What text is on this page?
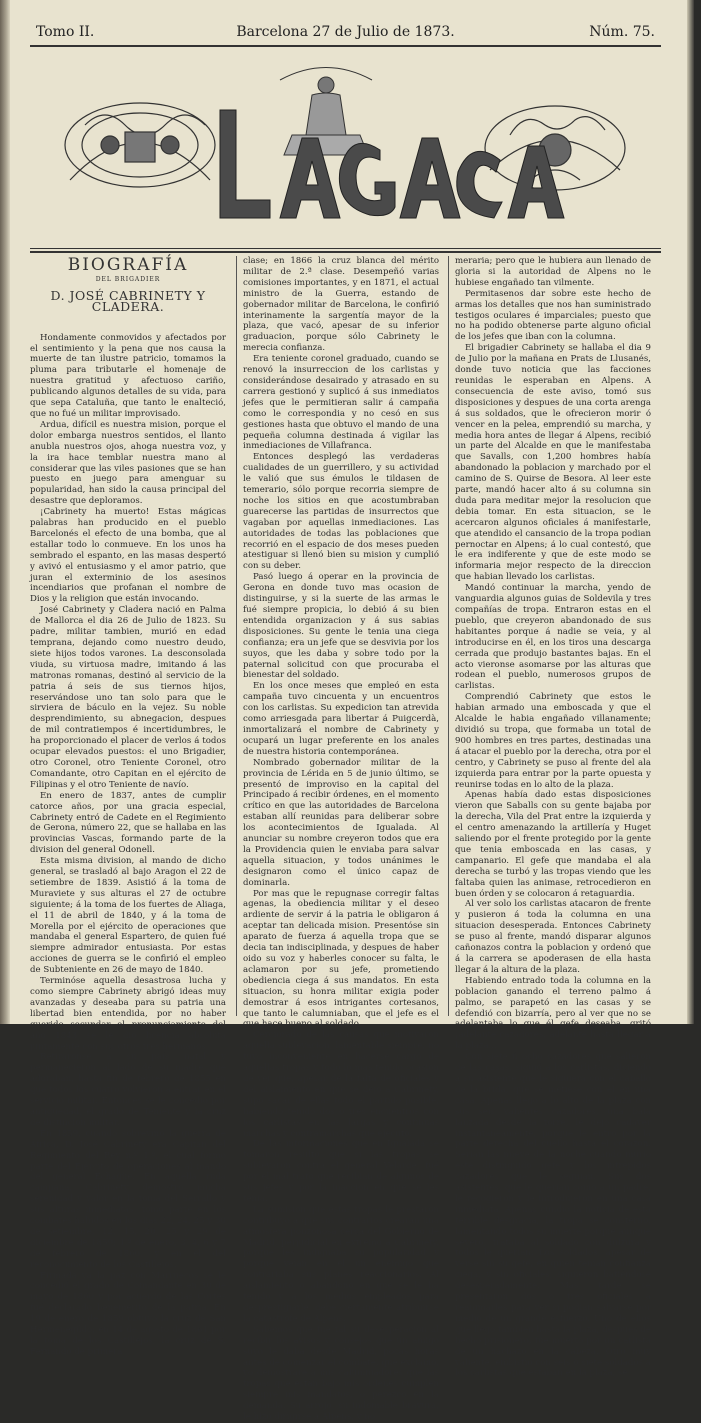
Tomo II.	Barcelona 27 de Julio de 1873.	Núm. 75.

BIOGRAFÍA

DEL BRIGADIER

D. JOSÉ CABRINETY Y CLADERA.

Hondamente conmovidos y afectados por el sentimiento y la pena que nos causa la muerte de tan ilustre patricio, tomamos la pluma para tributarle el homenaje de nuestra gratitud y afectuoso cariño, publicando algunos detalles de su vida, para que sepa Cataluña, que tanto le enalteció, que no fué un militar improvisado.

Ardua, difícil es nuestra mision, porque el dolor embarga nuestros sentidos, el llanto anubla nuestros ojos, ahoga nuestra voz, y la ira hace temblar nuestra mano al considerar que las viles pasiones que se han puesto en juego para amenguar su popularidad, han sido la causa principal del desastre que deploramos.

¡Cabrinety ha muerto! Estas mágicas palabras han producido en el pueblo Barcelonés el efecto de una bomba, que al estallar todo lo conmueve. En los unos ha sembrado el espanto, en las masas despertó y avivó el entusiasmo y el amor patrio, que juran el exterminio de los asesinos incendiarios que profanan el nombre de Dios y la religion que están invocando.

José Cabrinety y Cladera nació en Palma de Mallorca el dia 26 de Julio de 1823. Su padre, militar tambien, murió en edad temprana, dejando como nuestro deudo, siete hijos todos varones. La desconsolada viuda, su virtuosa madre, imitando á las matronas romanas, destinó al servicio de la patria á seis de sus tiernos hijos, reservándose uno tan solo para que le sirviera de báculo en la vejez. Su noble desprendimiento, su abnegacion, despues de mil contratiempos é incertidumbres, le ha proporcionado el placer de verlos á todos ocupar elevados puestos: el uno Brigadier, otro Coronel, otro Teniente Coronel, otro Comandante, otro Capitan en el ejército de Filipinas y el otro Teniente de navío.

En enero de 1837, antes de cumplir catorce años, por una gracia especial, Cabrinety entró de Cadete en el Regimiento de Gerona, número 22, que se hallaba en las provincias Vascas, formando parte de la division del general Odonell.

Esta misma division, al mando de dicho general, se trasladó al bajo Aragon el 22 de setiembre de 1839. Asistió á la toma de Muraviete y sus alturas el 27 de octubre siguiente; á la toma de los fuertes de Aliaga, el 11 de abril de 1840, y á la toma de Morella por el ejército de operaciones que mandaba el general Espartero, de quien fué siempre admirador entusiasta. Por estas acciones de guerra se le confirió el empleo de Subteniente en 26 de mayo de 1840.

Terminóse aquella desastrosa lucha y como siempre Cabrinety abrigó ideas muy avanzadas y deseaba para su patria una libertad bien entendida, por no haber querido secundar el pronunciamiento del año 1843 se le dió licencia absoluta juntamente con sus otros tres hermanos.

Retiráronse á su país natal y permanecieron al lado de su madre que adoraban, hasta fin de febrero de 1855 en que todos los cuatro volvieron á entrar en el servicio militar. Entonces se le concedió por antigüedad, el grado de Teniente y la cruz de distincion militar.

En 1859, cuando sobrevino la guerra de África, D. José Cabrinety era Capitan del Regimiento del Rey n.º 1.º, el cual formó parte del Ejército de operaciones al mando del general Echagüe. En aquella ruda campaña, Cabrinety demostró mucha serenidad y valor en la toma del Serrallo y sus alturas inmediatas: tomó parte en los combates habidos en los dias 22, 24, 25 y 30 de setiembre, 12, 15, 20, 25 y 29 de diciembre de 1859; 1.º de enero, 3, 4, 6 y 7 de febrero de 1860, y en el del reconocimiento de los Castillejos.

Firmada ya la paz con Marruecos se le concedió el grado de Comandante en 30 de mayo de 1860 y por acuerdo de las Córtes fué declarado benemérito de la patria. En 19 de enero de 1859 obtuvo la cruz de San Hermenegildo; en 14 de agosto de 1861 por la toma de los Castillejos, la cruz de S. Fernando de primera

clase; en 1866 la cruz blanca del mérito militar de 2.ª clase. Desempeñó varias comisiones importantes, y en 1871, el actual ministro de la Guerra, estando de gobernador militar de Barcelona, le confirió interinamente la sargentía mayor de la plaza, que vacó, apesar de su inferior graduacion, porque sólo Cabrinety le merecia confianza.

Era teniente coronel graduado, cuando se renovó la insurreccion de los carlistas y considerándose desairado y atrasado en su carrera gestionó y suplicó á sus inmediatos jefes que le permitieran salir á campaña como le correspondia y no cesó en sus gestiones hasta que obtuvo el mando de una pequeña columna destinada á vigilar las inmediaciones de Villafranca.

Entonces desplegó las verdaderas cualidades de un guerrillero, y su actividad le valió que sus émulos le tildasen de temerario, sólo porque recorria siempre de noche los sitios en que acostumbraban guarecerse las partidas de insurrectos que vagaban por aquellas inmediaciones. Las autoridades de todas las poblaciones que recorrió en el espacio de dos meses pueden atestiguar si llenó bien su mision y cumplió con su deber.

Pasó luego á operar en la provincia de Gerona en donde tuvo mas ocasion de distinguirse, y si la suerte de las armas le fué siempre propicia, lo debió á su bien entendida organizacion y á sus sabias disposiciones. Su gente le tenia una ciega confianza; era un jefe que se desvivia por los suyos, que les daba y sobre todo por la paternal solicitud con que procuraba el bienestar del soldado.

En los once meses que empleó en esta campaña tuvo cincuenta y un encuentros con los carlistas. Su expedicion tan atrevida como arriesgada para libertar á Puigcerdà, inmortalizará el nombre de Cabrinety y ocupará un lugar preferente en los anales de nuestra historia contemporánea.

Nombrado gobernador militar de la provincia de Lérida en 5 de junio último, se presentó de improviso en la capital del Principado á recibir órdenes, en el momento crítico en que las autoridades de Barcelona estaban allí reunidas para deliberar sobre los acontecimientos de Igualada. Al anunciar su nombre creyeron todos que era la Providencia quien le enviaba para salvar aquella situacion, y todos unánimes le designaron como el único capaz de dominarla.

Por mas que le repugnase corregir faltas agenas, la obediencia militar y el deseo ardiente de servir á la patria le obligaron á aceptar tan delicada mision. Presentóse sin aparato de fuerza á aquella tropa que se decia tan indisciplinada, y despues de haber oido su voz y haberles conocer su falta, le aclamaron por su jefe, prometiendo obediencia ciega á sus mandatos. En esta situacion, su honra militar exigia poder demostrar á esos intrigantes cortesanos, que tanto le calumniaban, que el jefe es el que hace bueno al soldado.

Cerciorado de las causas que motivaron aquella sublevacion, lamentable siempre, no tuvo inconveniente en hacerse cargo de aquellas tropas y todo lo mas tenido ocasion de ver que, apesar de la falta de oficiales y del aislamiento en que se dejó á Cabrinety, supo sacar de ellas todo el partido posible, habiendo tenido dos ó tres encuentros con los carlistas en las largas y continuas marchas y contramarchas que ejecutó.

De las informaciones que en Igualada se tomaron resultó que si las tropas se sublevaron contra el general Velarde, fué por el mal trato que recibian de algunos de sus jefes y por la inaccion en que se les tenia.

La sumision que estas tropas le prestaron contribuyó á que sus contrarios crearan una atmósfera ponzoñosa cerca del Gobierno de Madrid, perjudicial en extremo á Cabrinety, porque les indignaba su popularidad y porque veian en el un enemigo que contrariaba sus planes reaccionarios. Al aislamiento ó abandono en que se le ha tenido y á los medios empleados para desprestigiarle, debe ciertamente atribuirse la catástrofe de Alpens.

Sabemos que fué tal su desesperacion al recibir los avisos y consejos que un amigo suyo le daba desde Madrid, pocas horas antes de comenzar el combate, que exclamó, yo demostraré á mis calumniadores que las tropas que están bajo mis órdenes cumplen siempre mis mandatos, ó perezco en la demanda. Su arrojo, su indomable bravura, le hizo dirigirse á Alpens, y no

meraria; pero que le hubiera aun llenado de gloria si la autoridad de Alpens no le hubiese engañado tan vilmente.

Permitasenos dar sobre este hecho de armas los detalles que nos han suministrado testigos oculares é imparciales; puesto que no ha podido obtenerse parte alguno oficial de los jefes que iban con la columna.

El brigadier Cabrinety se hallaba el dia 9 de Julio por la mañana en Prats de Llusanés, donde tuvo noticia que las facciones reunidas le esperaban en Alpens. A consecuencia de este aviso, tomó sus disposiciones y despues de una corta arenga á sus soldados, que le ofrecieron morir ó vencer en la pelea, emprendió su marcha, y media hora antes de llegar á Alpens, recibió un parte del Alcalde en que le manifestaba que Savalls, con 1,200 hombres había abandonado la poblacion y marchado por el camino de S. Quirse de Besora. Al leer este parte, mandó hacer alto á su columna sin duda para meditar mejor la resolucion que debia tomar. En esta situacion, se le acercaron algunos oficiales á manifestarle, que atendido el cansancio de la tropa podian pernoctar en Alpens; á lo cual contestó, que le era indiferente y que de este modo se informaria mejor respecto de la direccion que habian llevado los carlistas.

Mandó continuar la marcha, yendo de vanguardia algunos guias de Soldevila y tres compañías de tropa. Entraron estas en el pueblo, que creyeron abandonado de sus habitantes porque á nadie se veia, y al introducirse en él, en los tiros una descarga cerrada que produjo bastantes bajas. En el acto vieronse asomarse por las alturas que rodean el pueblo, numerosos grupos de carlistas.

Comprendió Cabrinety que estos le habian armado una emboscada y que el Alcalde le habia engañado villanamente; dividió su tropa, que formaba un total de 900 hombres en tres partes, destinadas una á atacar el pueblo por la derecha, otra por el centro, y Cabrinety se puso al frente del ala izquierda para entrar por la parte opuesta y reunirse todas en lo alto de la plaza.

Apenas había dado estas disposiciones vieron que Saballs con su gente bajaba por la derecha, Vila del Prat entre la izquierda y el centro amenazando la artillería y Huget saliendo por el frente protegido por la gente que tenia emboscada en las casas, y campanario. El gefe que mandaba el ala derecha se turbó y las tropas viendo que les faltaba quien las animase, retrocedieron en buen órden y se colocaron á retaguardia.

Al ver solo los carlistas atacaron de frente y pusieron á toda la columna en una situacion desesperada. Entonces Cabrinety se puso al frente, mandó disparar algunos cañonazos contra la poblacion y ordenó que á la carrera se apoderasen de ella hasta llegar á la altura de la plaza.

Habiendo entrado toda la columna en la poblacion ganando el terreno palmo á palmo, se parapetó en las casas y se defendió con bizarría, pero al ver que no se adelantaba lo que él gefe deseaba, gritó ¡adelante cazadores, adelante hasta llegar á la plaza...

Con siete ú ocho cazadores que salieron de las casas, siguió á los carlistas, diciendo á su asistente que le siguiera con el caballo de la brida, que se metiese con él en una casa. Apenas llegó á lo alto de la plaza con sus seis valientes cazadores, una bala lanzada desde la torre, le dejó cadáver instantáneamente, porque le entró por la parte derecha del cuello hasta el corazon. Serian las nueve de la noche cuando murió este distinguido gefe y los intrépidos cazadores que le seguian. Sus dos asistentes, que le querian como á un padre, le recogieron y le introdujeron en una casa inmediata. Apenas cundió la noticia de esta terrible desgracia, la tropa se consternó, lamentando todos su muerte porque aunque severo, trataba al soldado con dulzura y todos le querian. Los soldados, apesar de verse sin su gefe, en quien tenian confianza ciega, y sin oficiales, siguieron batiéndose desesperadamente. Mas tarde se presentaron dos ó tres oficiales á reanimarles para ver si podian salvarse por medio de un grande esfuerzo. Uno de ellos que llegó tambien hasta la plaza, despues de hecho prisionero, fué muerto por un carlista de un hachazo en la cabeza. Otro muy valiente, embistió con seis ó siete soldados á los carlistas que estaban en la plaza, se
